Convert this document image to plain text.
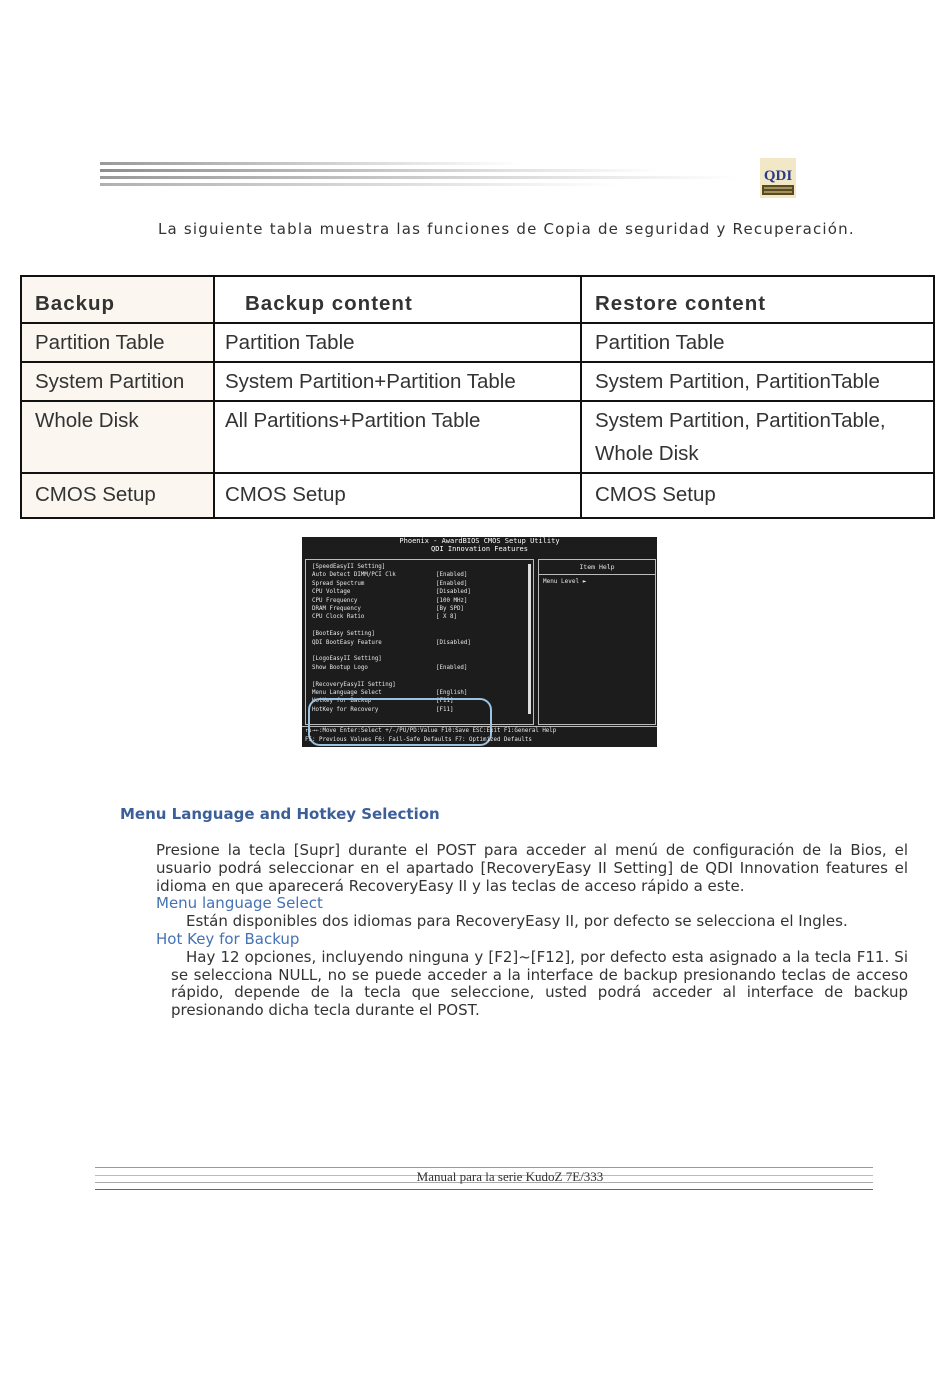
QDI
La siguiente tabla muestra las funciones de Copia de seguridad y Recuperación.
Backup	Backup content	Restore content
Partition Table	Partition Table	Partition Table
System Partition	System Partition+Partition Table	System Partition, PartitionTable
Whole Disk	All Partitions+Partition Table	System Partition, PartitionTable, Whole Disk
CMOS Setup	CMOS Setup	CMOS Setup
Phoenix - AwardBIOS CMOS Setup Utility
QDI Innovation Features
[SpeedEasyII Setting]
Auto Detect DIMM/PCI Clk	[Enabled]
Spread Spectrum	[Enabled]
CPU Voltage	[Disabled]
CPU Frequency	[100 MHz]
DRAM Frequency	[By SPD]
CPU Clock Ratio	[ X 8]
[BootEasy Setting]
QDI BootEasy Feature	[Disabled]
[LogoEasyII Setting]
Show Bootup Logo	[Enabled]
[RecoveryEasyII Setting]
Menu Language Select	[English]
HotKey for Backup	[F11]
HotKey for Recovery	[F11]
Item Help
Menu Level ►
↑↓→←:Move Enter:Select +/-/PU/PD:Value F10:Save ESC:Exit F1:General Help
F5: Previous Values F6: Fail-Safe Defaults F7: Optimized Defaults
Menu Language and Hotkey Selection

Presione la tecla [Supr] durante el POST para acceder al menú de configuración de la Bios, el usuario podrá seleccionar en el apartado [RecoveryEasy II Setting] de QDI Innovation features el idioma en que aparecerá RecoveryEasy II y las teclas de acceso rápido a este.

Menu language Select

Están disponibles dos idiomas para RecoveryEasy II, por defecto se selecciona el Ingles.

Hot Key for Backup

Hay 12 opciones, incluyendo ninguna y [F2]~[F12], por defecto esta asignado a la tecla F11. Si se selecciona NULL, no se puede acceder a la interface de backup presionando teclas de acceso rápido, depende de la tecla que seleccione, usted podrá acceder al interface de backup presionando dicha tecla durante el POST.

Manual para la serie KudoZ 7E/333
